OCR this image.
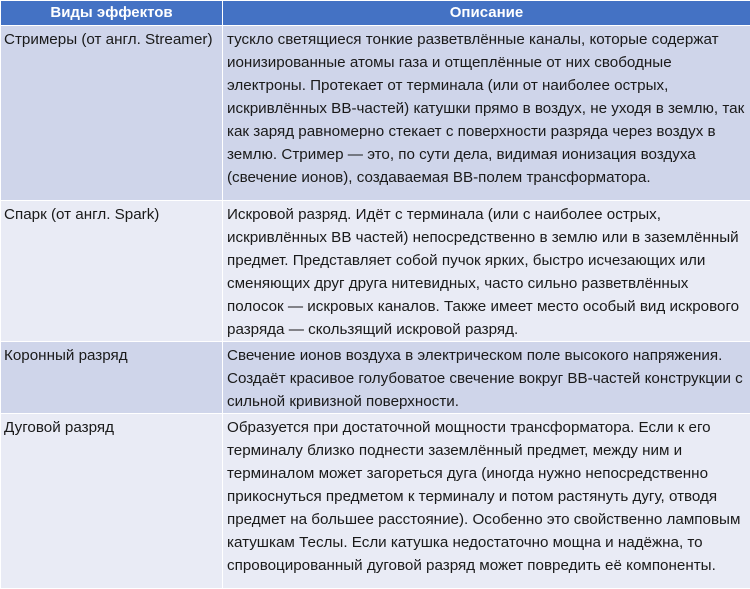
Виды эффектов	Описание

Стримеры (от англ. Streamer)	тускло светящиеся тонкие разветвлённые каналы, которые содержат ионизированные атомы газа и отщеплённые от них свободные электроны. Протекает от терминала (или от наиболее острых, искривлённых ВВ-частей) катушки прямо в воздух, не уходя в землю, так как заряд равномерно стекает с поверхности разряда через воздух в землю. Стример — это, по сути дела, видимая ионизация воздуха (свечение ионов), создаваемая ВВ-полем трансформатора.

Спарк (от англ. Spark)	Искровой разряд. Идёт с терминала (или с наиболее острых, искривлённых ВВ частей) непосредственно в землю или в заземлённый предмет. Представляет собой пучок ярких, быстро исчезающих или сменяющих друг друга нитевидных, часто сильно разветвлённых полосок — искровых каналов. Также имеет место особый вид искрового разряда — скользящий искровой разряд.

Коронный разряд	Свечение ионов воздуха в электрическом поле высокого напряжения. Создаёт красивое голубоватое свечение вокруг ВВ-частей конструкции с сильной кривизной поверхности.

Дуговой разряд	Образуется при достаточной мощности трансформатора. Если к его терминалу близко поднести заземлённый предмет, между ним и терминалом может загореться дуга (иногда нужно непосредственно прикоснуться предметом к терминалу и потом растянуть дугу, отводя предмет на большее расстояние). Особенно это свойственно ламповым катушкам Теслы. Если катушка недостаточно мощна и надёжна, то спровоцированный дуговой разряд может повредить её компоненты.
